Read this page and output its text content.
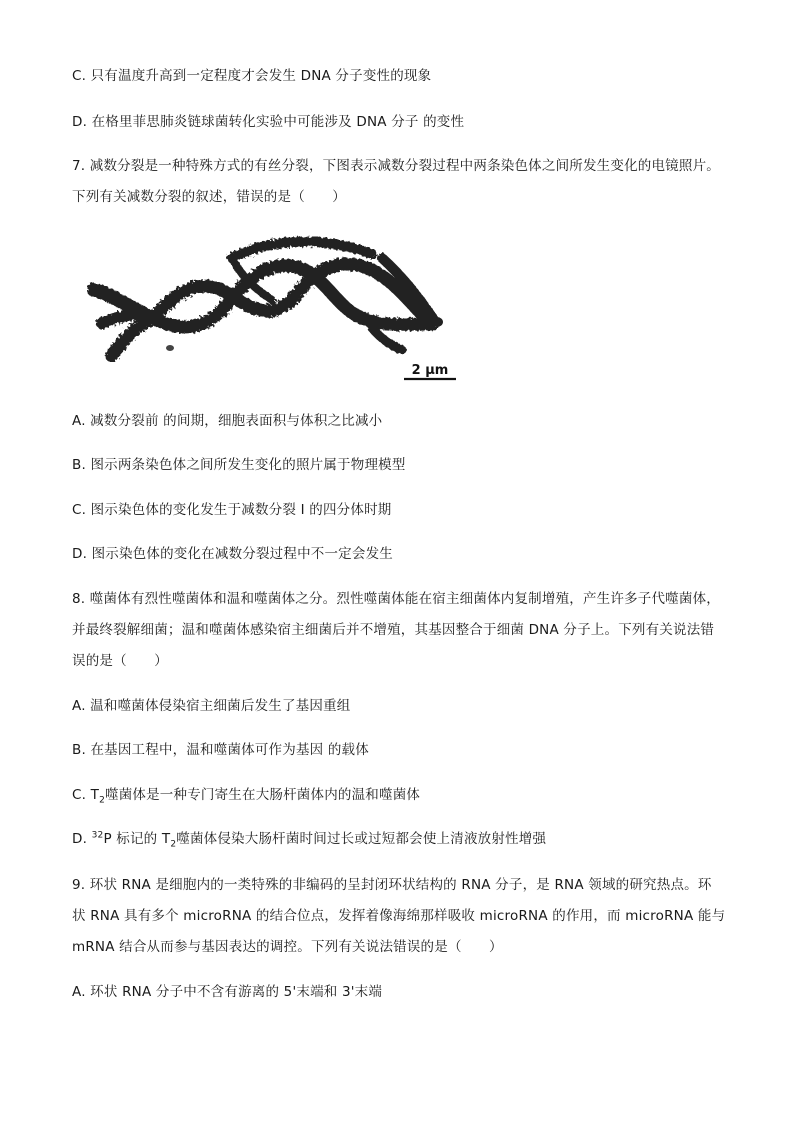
C. 只有温度升高到一定程度才会发生 DNA 分子变性的现象
D. 在格里菲思肺炎链球菌转化实验中可能涉及 DNA 分子 的变性
7. 减数分裂是一种特殊方式的有丝分裂，下图表示减数分裂过程中两条染色体之间所发生变化的电镜照片。
下列有关减数分裂的叙述，错误的是（　　）
2 μm
A. 减数分裂前 的间期，细胞表面积与体积之比减小
B. 图示两条染色体之间所发生变化的照片属于物理模型
C. 图示染色体的变化发生于减数分裂 I 的四分体时期
D. 图示染色体的变化在减数分裂过程中不一定会发生
8. 噬菌体有烈性噬菌体和温和噬菌体之分。烈性噬菌体能在宿主细菌体内复制增殖，产生许多子代噬菌体，
并最终裂解细菌；温和噬菌体感染宿主细菌后并不增殖，其基因整合于细菌 DNA 分子上。下列有关说法错
误的是（　　）
A. 温和噬菌体侵染宿主细菌后发生了基因重组
B. 在基因工程中，温和噬菌体可作为基因 的载体
C. $T_2$噬菌体是一种专门寄生在大肠杆菌体内的温和噬菌体
D. $^{32}$P 标记的 $T_2$噬菌体侵染大肠杆菌时间过长或过短都会使上清液放射性增强
9. 环状 RNA 是细胞内的一类特殊的非编码的呈封闭环状结构的 RNA 分子，是 RNA 领域的研究热点。环
状 RNA 具有多个 microRNA 的结合位点，发挥着像海绵那样吸收 microRNA 的作用，而 microRNA 能与
mRNA 结合从而参与基因表达的调控。下列有关说法错误的是（　　）
A. 环状 RNA 分子中不含有游离的 5'末端和 3'末端
